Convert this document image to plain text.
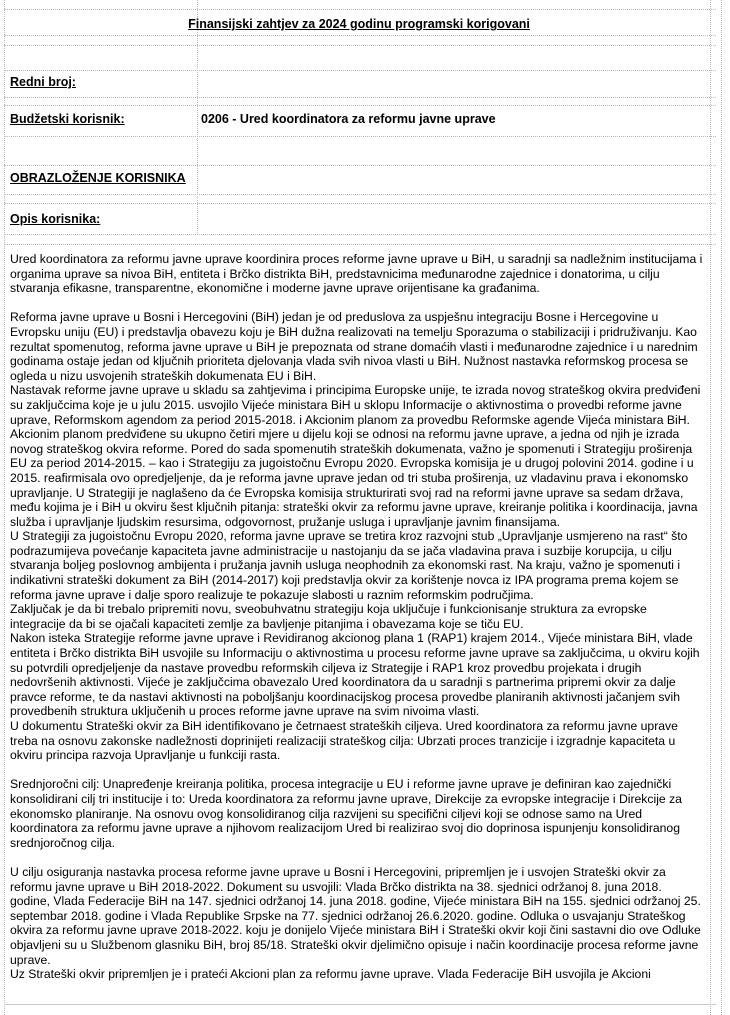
Finansijski zahtjev za 2024 godinu programski korigovani
Redni broj:
Budžetski korisnik:	0206 - Ured koordinatora za reformu javne uprave
OBRAZLOŽENJE KORISNIKA
Opis korisnika:

Ured koordinatora za reformu javne uprave koordinira proces reforme javne uprave u BiH, u saradnji sa nadležnim institucijama i organima uprave sa nivoa BiH, entiteta i Brčko distrikta BiH, predstavnicima međunarodne zajednice i donatorima, u cilju stvaranja efikasne, transparentne, ekonomične i moderne javne uprave orijentisane ka građanima.

Reforma javne uprave u Bosni i Hercegovini (BiH) jedan je od preduslova za uspješnu integraciju Bosne i Hercegovine u Evropsku uniju (EU) i predstavlja obavezu koju je BiH dužna realizovati na temelju Sporazuma o stabilizaciji i pridruživanju. Kao rezultat spomenutog, reforma javne uprave u BiH je prepoznata od strane domaćih vlasti i međunarodne zajednice i u narednim godinama ostaje jedan od ključnih prioriteta djelovanja vlada svih nivoa vlasti u BiH. Nužnost nastavka reformskog procesa se ogleda u nizu usvojenih strateških dokumenata EU i BiH.

Nastavak reforme javne uprave u skladu sa zahtjevima i principima Europske unije, te izrada novog strateškog okvira predviđeni su zaključcima koje je u julu 2015. usvojilo Vijeće ministara BiH u sklopu Informacije o aktivnostima o provedbi reforme javne uprave, Reformskom agendom za period 2015-2018. i Akcionim planom za provedbu Reformske agende Vijeća ministara BiH. Akcionim planom predviđene su ukupno četiri mjere u dijelu koji se odnosi na reformu javne uprave, a jedna od njih je izrada novog strateškog okvira reforme. Pored do sada spomenutih strateških dokumenata, važno je spomenuti i Strategiju proširenja EU za period 2014-2015. – kao i Strategiju za jugoistočnu Evropu 2020. Evropska komisija je u drugoj polovini 2014. godine i u 2015. reafirmisala ovo opredjeljenje, da je reforma javne uprave jedan od tri stuba proširenja, uz vladavinu prava i ekonomsko upravljanje. U Strategiji je naglašeno da će Evropska komisija strukturirati svoj rad na reformi javne uprave sa sedam država, među kojima je i BiH u okviru šest ključnih pitanja: strateški okvir za reformu javne uprave, kreiranje politika i koordinacija, javna služba i upravljanje ljudskim resursima, odgovornost, pružanje usluga i upravljanje javnim finansijama.

U Strategiji za jugoistočnu Evropu 2020, reforma javne uprave se tretira kroz razvojni stub „Upravljanje usmjereno na rast“ što podrazumijeva povećanje kapaciteta javne administracije u nastojanju da se jača vladavina prava i suzbije korupcija, u cilju stvaranja boljeg poslovnog ambijenta i pružanja javnih usluga neophodnih za ekonomski rast. Na kraju, važno je spomenuti i indikativni strateški dokument za BiH (2014-2017) koji predstavlja okvir za korištenje novca iz IPA programa prema kojem se reforma javne uprave i dalje sporo realizuje te pokazuje slabosti u raznim reformskim područjima.

Zaključak je da bi trebalo pripremiti novu, sveobuhvatnu strategiju koja uključuje i funkcionisanje struktura za evropske integracije da bi se ojačali kapaciteti zemlje za bavljenje pitanjima i obavezama koje se tiču EU.

Nakon isteka Strategije reforme javne uprave i Revidiranog akcionog plana 1 (RAP1) krajem 2014., Vijeće ministara BiH, vlade entiteta i Brčko distrikta BiH usvojile su Informaciju o aktivnostima u procesu reforme javne uprave sa zaključcima, u okviru kojih su potvrdili opredjeljenje da nastave provedbu reformskih ciljeva iz Strategije i RAP1 kroz provedbu projekata i drugih nedovršenih aktivnosti. Vijeće je zaključcima obavezalo Ured koordinatora da u saradnji s partnerima pripremi okvir za dalje pravce reforme, te da nastavi aktivnosti na poboljšanju koordinacijskog procesa provedbe planiranih aktivnosti jačanjem svih provedbenih struktura uključenih u proces reforme javne uprave na svim nivoima vlasti.

U dokumentu Strateški okvir za BiH identifikovano je četrnaest strateških ciljeva. Ured koordinatora za reformu javne uprave treba na osnovu zakonske nadležnosti doprinijeti realizaciji strateškog cilja: Ubrzati proces tranzicije i izgradnje kapaciteta u okviru principa razvoja Upravljanje u funkciji rasta.

Srednjoročni cilj: Unapređenje kreiranja politika, procesa integracije u EU i reforme javne uprave je definiran kao zajednički konsolidirani cilj tri institucije i to: Ureda koordinatora za reformu javne uprave, Direkcije za evropske integracije i Direkcije za ekonomsko planiranje. Na osnovu ovog konsolidiranog cilja razvijeni su specifični ciljevi koji se odnose samo na Ured koordinatora za reformu javne uprave a njihovom realizacijom Ured bi realizirao svoj dio doprinosa ispunjenju konsolidiranog srednjoročnog cilja.

U cilju osiguranja nastavka procesa reforme javne uprave u Bosni i Hercegovini, pripremljen je i usvojen Strateški okvir za reformu javne uprave u BiH 2018-2022. Dokument su usvojili: Vlada Brčko distrikta na 38. sjednici održanoj 8. juna 2018. godine, Vlada Federacije BiH na 147. sjednici održanoj 14. juna 2018. godine, Vijeće ministara BiH na 155. sjednici održanoj 25. septembar 2018. godine i Vlada Republike Srpske na 77. sjednici održanoj 26.6.2020. godine. Odluka o usvajanju Strateškog okvira za reformu javne uprave 2018-2022. koju je donijelo Vijeće ministara BiH i Strateški okvir koji čini sastavni dio ove Odluke objavljeni su u Službenom glasniku BiH, broj 85/18. Strateški okvir djelimično opisuje i način koordinacije procesa reforme javne uprave.

Uz Strateški okvir pripremljen je i prateći Akcioni plan za reformu javne uprave. Vlada Federacije BiH usvojila je Akcioni
